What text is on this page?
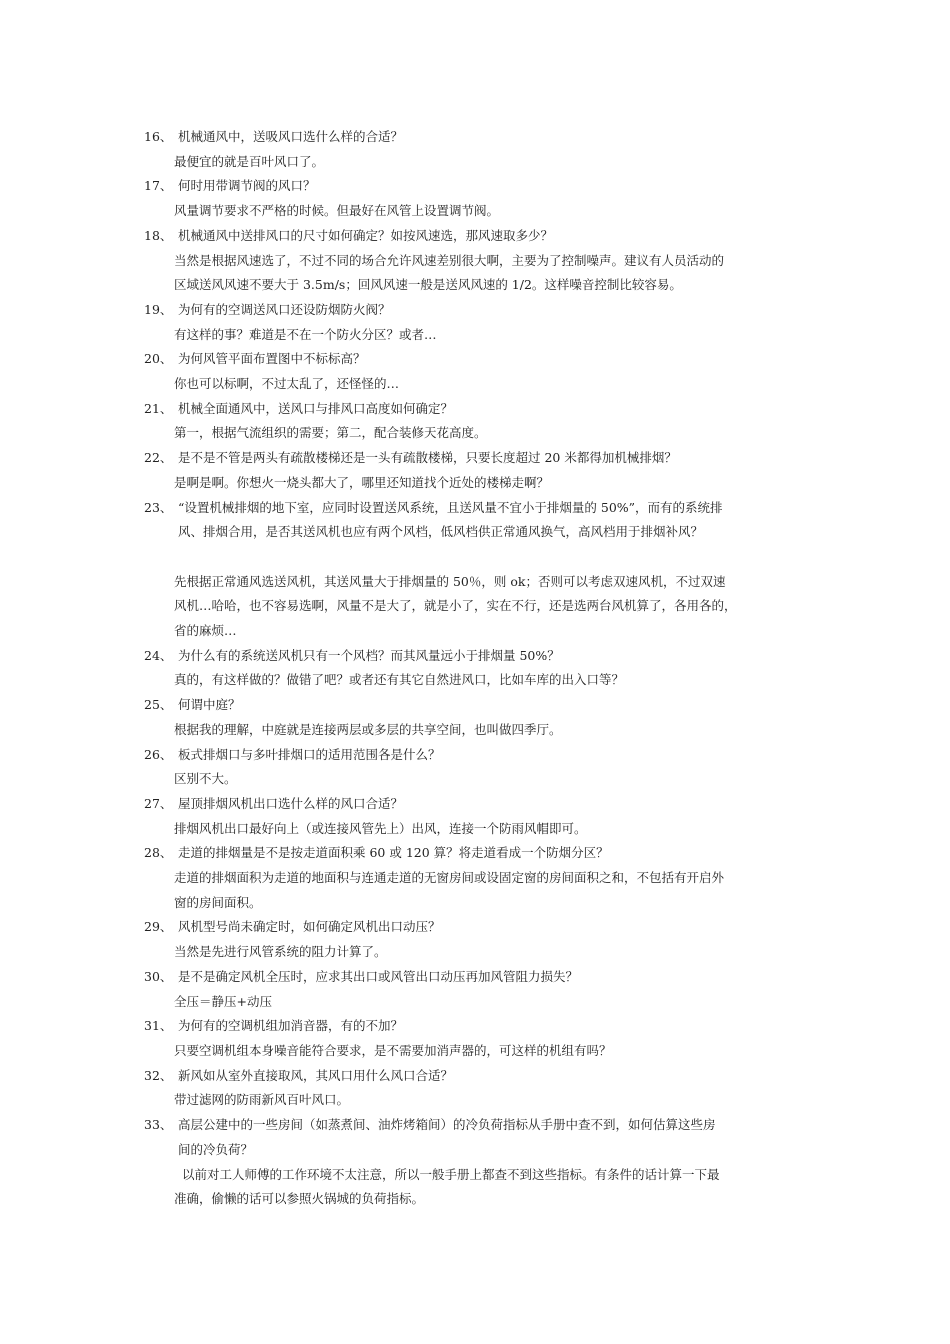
16、 机械通风中，送吸风口选什么样的合适？
最便宜的就是百叶风口了。
17、 何时用带调节阀的风口？
风量调节要求不严格的时候。但最好在风管上设置调节阀。
18、 机械通风中送排风口的尺寸如何确定？如按风速选，那风速取多少？
当然是根据风速选了，不过不同的场合允许风速差别很大啊，主要为了控制噪声。建议有人员活动的
区域送风风速不要大于 3.5m/s；回风风速一般是送风风速的 1/2。这样噪音控制比较容易。
19、 为何有的空调送风口还设防烟防火阀？
有这样的事？难道是不在一个防火分区？或者…
20、 为何风管平面布置图中不标标高？
你也可以标啊，不过太乱了，还怪怪的…
21、 机械全面通风中，送风口与排风口高度如何确定？
第一，根据气流组织的需要；第二，配合装修天花高度。
22、 是不是不管是两头有疏散楼梯还是一头有疏散楼梯，只要长度超过 20 米都得加机械排烟？
是啊是啊。你想火一烧头都大了，哪里还知道找个近处的楼梯走啊？
23、 “设置机械排烟的地下室，应同时设置送风系统，且送风量不宜小于排烟量的 50%”，而有的系统排
风、排烟合用，是否其送风机也应有两个风档，低风档供正常通风换气，高风档用于排烟补风？
先根据正常通风选送风机，其送风量大于排烟量的 50％，则 ok；否则可以考虑双速风机，不过双速
风机…哈哈，也不容易选啊，风量不是大了，就是小了，实在不行，还是选两台风机算了，各用各的，
省的麻烦…
24、 为什么有的系统送风机只有一个风档？而其风量远小于排烟量 50%？
真的，有这样做的？做错了吧？或者还有其它自然进风口，比如车库的出入口等？
25、 何谓中庭？
根据我的理解，中庭就是连接两层或多层的共享空间，也叫做四季厅。
26、 板式排烟口与多叶排烟口的适用范围各是什么？
区别不大。
27、 屋顶排烟风机出口选什么样的风口合适？
排烟风机出口最好向上（或连接风管先上）出风，连接一个防雨风帽即可。
28、 走道的排烟量是不是按走道面积乘 60 或 120 算？将走道看成一个防烟分区？
走道的排烟面积为走道的地面积与连通走道的无窗房间或设固定窗的房间面积之和，不包括有开启外
窗的房间面积。
29、 风机型号尚未确定时，如何确定风机出口动压？
当然是先进行风管系统的阻力计算了。
30、 是不是确定风机全压时，应求其出口或风管出口动压再加风管阻力损失？
全压＝静压+动压
31、 为何有的空调机组加消音器，有的不加？
只要空调机组本身噪音能符合要求，是不需要加消声器的，可这样的机组有吗？
32、 新风如从室外直接取风，其风口用什么风口合适？
带过滤网的防雨新风百叶风口。
33、 高层公建中的一些房间（如蒸煮间、油炸烤箱间）的冷负荷指标从手册中查不到，如何估算这些房
间的冷负荷？
以前对工人师傅的工作环境不太注意，所以一般手册上都查不到这些指标。有条件的话计算一下最
准确，偷懒的话可以参照火锅城的负荷指标。
